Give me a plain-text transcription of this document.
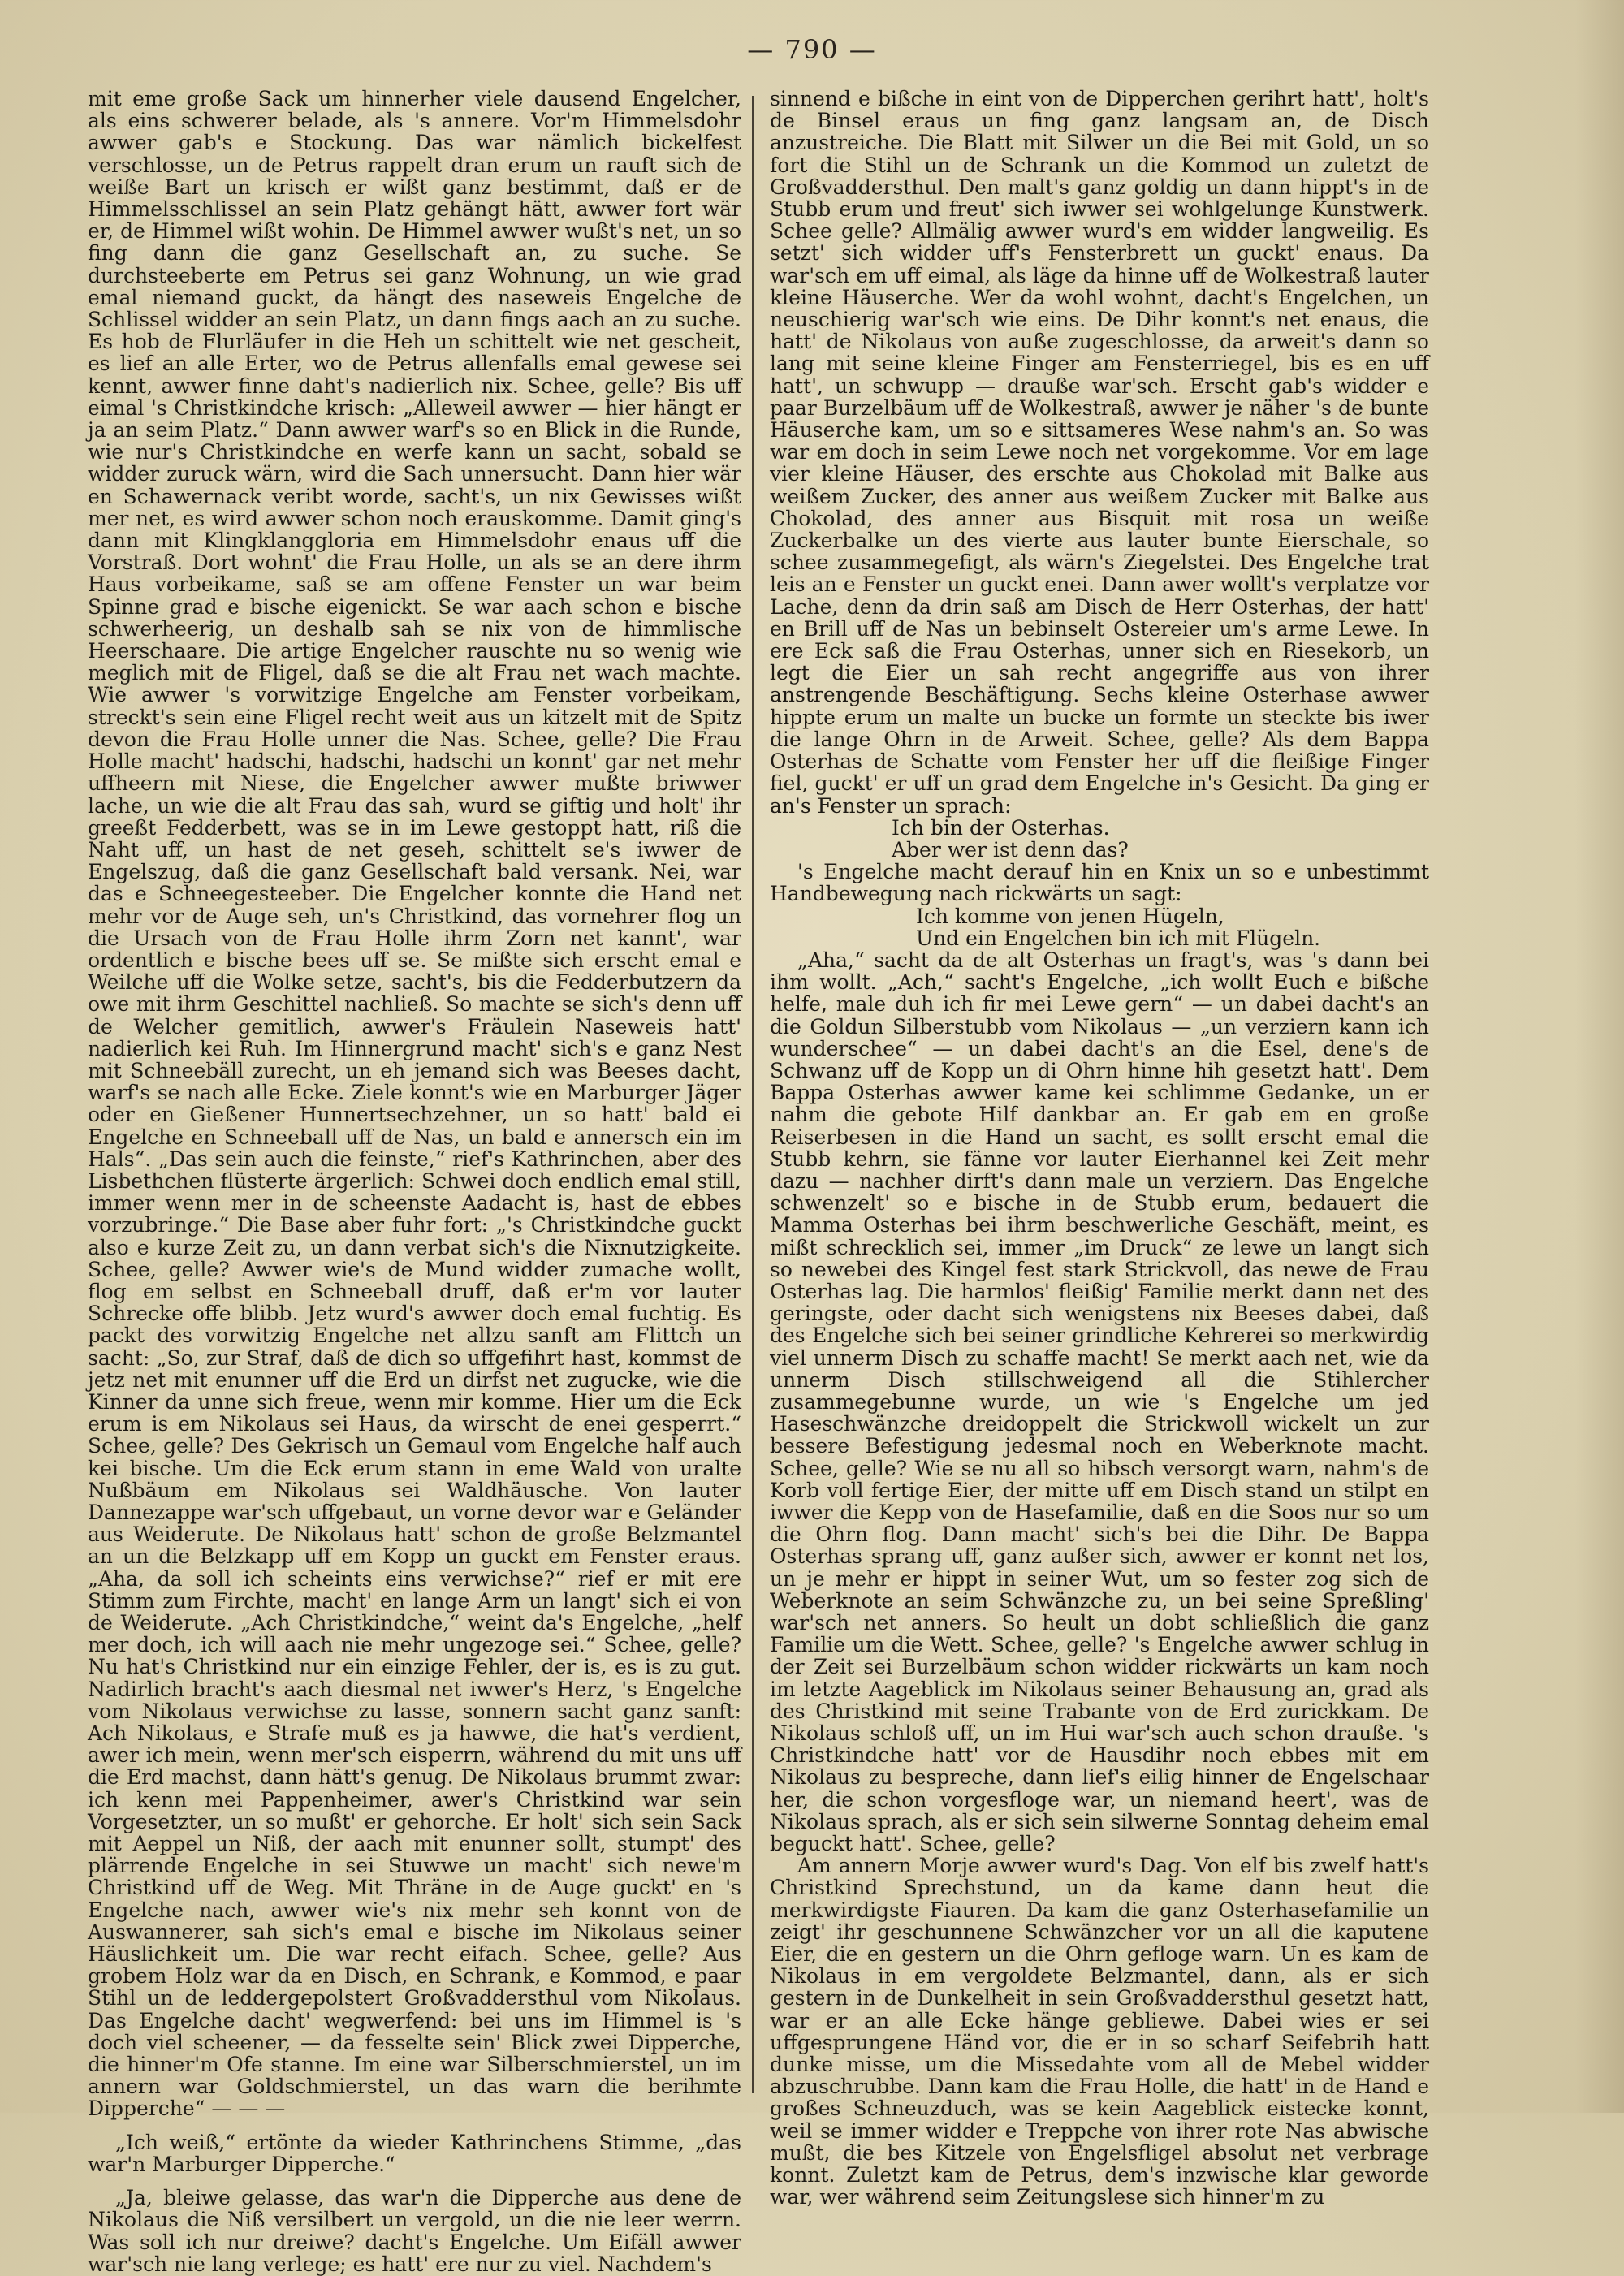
— 790 —

mit eme große Sack um hinnerher viele dausend Engelcher, als eins schwerer belade, als 's annere. Vor'm Himmelsdohr awwer gab's e Stockung. Das war nämlich bickelfest verschlosse, un de Petrus rappelt dran erum un rauft sich de weiße Bart un krisch er wißt ganz bestimmt, daß er de Himmelsschlissel an sein Platz gehängt hätt, awwer fort wär er, de Himmel wißt wohin. De Himmel awwer wußt's net, un so fing dann die ganz Gesellschaft an, zu suche. Se durchsteeberte em Petrus sei ganz Wohnung, un wie grad emal niemand guckt, da hängt des naseweis Engelche de Schlissel widder an sein Platz, un dann fings aach an zu suche. Es hob de Flurläufer in die Heh un schittelt wie net gescheit, es lief an alle Erter, wo de Petrus allenfalls emal gewese sei kennt, awwer finne daht's nadierlich nix. Schee, gelle? Bis uff eimal 's Christkindche krisch: „Alleweil awwer — hier hängt er ja an seim Platz.“ Dann awwer warf's so en Blick in die Runde, wie nur's Christkindche en werfe kann un sacht, sobald se widder zuruck wärn, wird die Sach unnersucht. Dann hier wär en Schawernack veribt worde, sacht's, un nix Gewisses wißt mer net, es wird awwer schon noch erauskomme. Damit ging's dann mit Klingklanggloria em Himmelsdohr enaus uff die Vorstraß. Dort wohnt' die Frau Holle, un als se an dere ihrm Haus vorbeikame, saß se am offene Fenster un war beim Spinne grad e bische eigenickt. Se war aach schon e bische schwerheerig, un deshalb sah se nix von de himmlische Heerschaare. Die artige Engelcher rauschte nu so wenig wie meglich mit de Fligel, daß se die alt Frau net wach machte. Wie awwer 's vorwitzige Engelche am Fenster vorbeikam, streckt's sein eine Fligel recht weit aus un kitzelt mit de Spitz devon die Frau Holle unner die Nas. Schee, gelle? Die Frau Holle macht' hadschi, hadschi, hadschi un konnt' gar net mehr uffheern mit Niese, die Engelcher awwer mußte briwwer lache, un wie die alt Frau das sah, wurd se giftig und holt' ihr greeßt Fedderbett, was se in im Lewe gestoppt hatt, riß die Naht uff, un hast de net geseh, schittelt se's iwwer de Engelszug, daß die ganz Gesellschaft bald versank. Nei, war das e Schneegesteeber. Die Engelcher konnte die Hand net mehr vor de Auge seh, un's Christkind, das vornehrer flog un die Ursach von de Frau Holle ihrm Zorn net kannt', war ordentlich e bische bees uff se. Se mißte sich erscht emal e Weilche uff die Wolke setze, sacht's, bis die Fedderbutzern da owe mit ihrm Geschittel nachließ. So machte se sich's denn uff de Welcher gemitlich, awwer's Fräulein Naseweis hatt' nadierlich kei Ruh. Im Hinnergrund macht' sich's e ganz Nest mit Schneebäll zurecht, un eh jemand sich was Beeses dacht, warf's se nach alle Ecke. Ziele konnt's wie en Marburger Jäger oder en Gießener Hunnertsechzehner, un so hatt' bald ei Engelche en Schneeball uff de Nas, un bald e annersch ein im Hals“. „Das sein auch die feinste,“ rief's Kathrinchen, aber des Lisbethchen flüsterte ärgerlich: Schwei doch endlich emal still, immer wenn mer in de scheenste Aadacht is, hast de ebbes vorzubringe.“ Die Base aber fuhr fort: „'s Christkindche guckt also e kurze Zeit zu, un dann verbat sich's die Nixnutzigkeite. Schee, gelle? Awwer wie's de Mund widder zumache wollt, flog em selbst en Schneeball druff, daß er'm vor lauter Schrecke offe blibb. Jetz wurd's awwer doch emal fuchtig. Es packt des vorwitzig Engelche net allzu sanft am Flittch un sacht: „So, zur Straf, daß de dich so uffgefihrt hast, kommst de jetz net mit enunner uff die Erd un dirfst net zugucke, wie die Kinner da unne sich freue, wenn mir komme. Hier um die Eck erum is em Nikolaus sei Haus, da wirscht de enei gesperrt.“ Schee, gelle? Des Gekrisch un Gemaul vom Engelche half auch kei bische. Um die Eck erum stann in eme Wald von uralte Nußbäum em Nikolaus sei Waldhäusche. Von lauter Dannezappe war'sch uffgebaut, un vorne devor war e Geländer aus Weiderute. De Nikolaus hatt' schon de große Belzmantel an un die Belzkapp uff em Kopp un guckt em Fenster eraus. „Aha, da soll ich scheints eins verwichse?“ rief er mit ere Stimm zum Firchte, macht' en lange Arm un langt' sich ei von de Weiderute. „Ach Christkindche,“ weint da's Engelche, „helf mer doch, ich will aach nie mehr ungezoge sei.“ Schee, gelle? Nu hat's Christkind nur ein einzige Fehler, der is, es is zu gut. Nadirlich bracht's aach diesmal net iwwer's Herz, 's Engelche vom Nikolaus verwichse zu lasse, sonnern sacht ganz sanft: Ach Nikolaus, e Strafe muß es ja hawwe, die hat's verdient, awer ich mein, wenn mer'sch eisperrn, während du mit uns uff die Erd machst, dann hätt's genug. De Nikolaus brummt zwar: ich kenn mei Pappenheimer, awer's Christkind war sein Vorgesetzter, un so mußt' er gehorche. Er holt' sich sein Sack mit Aeppel un Niß, der aach mit enunner sollt, stumpt' des plärrende Engelche in sei Stuwwe un macht' sich newe'm Christkind uff de Weg. Mit Thräne in de Auge guckt' en 's Engelche nach, awwer wie's nix mehr seh konnt von de Auswannerer, sah sich's emal e bische im Nikolaus seiner Häuslichkeit um. Die war recht eifach. Schee, gelle? Aus grobem Holz war da en Disch, en Schrank, e Kommod, e paar Stihl un de leddergepolstert Großvaddersthul vom Nikolaus. Das Engelche dacht' wegwerfend: bei uns im Himmel is 's doch viel scheener, — da fesselte sein' Blick zwei Dipperche, die hinner'm Ofe stanne. Im eine war Silberschmierstel, un im annern war Goldschmierstel, un das warn die berihmte Dipperche“ — — —

„Ich weiß,“ ertönte da wieder Kathrinchens Stimme, „das war'n Marburger Dipperche.“

„Ja, bleiwe gelasse, das war'n die Dipperche aus dene de Nikolaus die Niß versilbert un vergold, un die nie leer werrn. Was soll ich nur dreiwe? dacht's Engelche. Um Eifäll awwer war'sch nie lang verlege; es hatt' ere nur zu viel. Nachdem's

sinnend e bißche in eint von de Dipperchen gerihrt hatt', holt's de Binsel eraus un fing ganz langsam an, de Disch anzustreiche. Die Blatt mit Silwer un die Bei mit Gold, un so fort die Stihl un de Schrank un die Kommod un zuletzt de Großvaddersthul. Den malt's ganz goldig un dann hippt's in de Stubb erum und freut' sich iwwer sei wohlgelunge Kunstwerk. Schee gelle? Allmälig awwer wurd's em widder langweilig. Es setzt' sich widder uff's Fensterbrett un guckt' enaus. Da war'sch em uff eimal, als läge da hinne uff de Wolkestraß lauter kleine Häuserche. Wer da wohl wohnt, dacht's Engelchen, un neuschierig war'sch wie eins. De Dihr konnt's net enaus, die hatt' de Nikolaus von auße zugeschlosse, da arweit's dann so lang mit seine kleine Finger am Fensterriegel, bis es en uff hatt', un schwupp — drauße war'sch. Erscht gab's widder e paar Burzelbäum uff de Wolkestraß, awwer je näher 's de bunte Häuserche kam, um so e sittsameres Wese nahm's an. So was war em doch in seim Lewe noch net vorgekomme. Vor em lage vier kleine Häuser, des erschte aus Chokolad mit Balke aus weißem Zucker, des anner aus weißem Zucker mit Balke aus Chokolad, des anner aus Bisquit mit rosa un weiße Zuckerbalke un des vierte aus lauter bunte Eierschale, so schee zusammegefigt, als wärn's Ziegelstei. Des Engelche trat leis an e Fenster un guckt enei. Dann awer wollt's verplatze vor Lache, denn da drin saß am Disch de Herr Osterhas, der hatt' en Brill uff de Nas un bebinselt Ostereier um's arme Lewe. In ere Eck saß die Frau Osterhas, unner sich en Riesekorb, un legt die Eier un sah recht angegriffe aus von ihrer anstrengende Beschäftigung. Sechs kleine Osterhase awwer hippte erum un malte un bucke un formte un steckte bis iwer die lange Ohrn in de Arweit. Schee, gelle? Als dem Bappa Osterhas de Schatte vom Fenster her uff die fleißige Finger fiel, guckt' er uff un grad dem Engelche in's Gesicht. Da ging er an's Fenster un sprach:

Ich bin der Osterhas.

Aber wer ist denn das?

's Engelche macht derauf hin en Knix un so e unbestimmt Handbewegung nach rickwärts un sagt:

Ich komme von jenen Hügeln,

Und ein Engelchen bin ich mit Flügeln.

„Aha,“ sacht da de alt Osterhas un fragt's, was 's dann bei ihm wollt. „Ach,“ sacht's Engelche, „ich wollt Euch e bißche helfe, male duh ich fir mei Lewe gern“ — un dabei dacht's an die Goldun Silberstubb vom Nikolaus — „un verziern kann ich wunderschee“ — un dabei dacht's an die Esel, dene's de Schwanz uff de Kopp un di Ohrn hinne hih gesetzt hatt'. Dem Bappa Osterhas awwer kame kei schlimme Gedanke, un er nahm die gebote Hilf dankbar an. Er gab em en große Reiserbesen in die Hand un sacht, es sollt erscht emal die Stubb kehrn, sie fänne vor lauter Eierhannel kei Zeit mehr dazu — nachher dirft's dann male un verziern. Das Engelche schwenzelt' so e bische in de Stubb erum, bedauert die Mamma Osterhas bei ihrm beschwerliche Geschäft, meint, es mißt schrecklich sei, immer „im Druck“ ze lewe un langt sich so newebei des Kingel fest stark Strickvoll, das newe de Frau Osterhas lag. Die harmlos' fleißig' Familie merkt dann net des geringste, oder dacht sich wenigstens nix Beeses dabei, daß des Engelche sich bei seiner grindliche Kehrerei so merkwirdig viel unnerm Disch zu schaffe macht! Se merkt aach net, wie da unnerm Disch stillschweigend all die Stihlercher zusammegebunne wurde, un wie 's Engelche um jed Haseschwänzche dreidoppelt die Strickwoll wickelt un zur bessere Befestigung jedesmal noch en Weberknote macht. Schee, gelle? Wie se nu all so hibsch versorgt warn, nahm's de Korb voll fertige Eier, der mitte uff em Disch stand un stilpt en iwwer die Kepp von de Hasefamilie, daß en die Soos nur so um die Ohrn flog. Dann macht' sich's bei die Dihr. De Bappa Osterhas sprang uff, ganz außer sich, awwer er konnt net los, un je mehr er hippt in seiner Wut, um so fester zog sich de Weberknote an seim Schwänzche zu, un bei seine Spreßling' war'sch net anners. So heult un dobt schließlich die ganz Familie um die Wett. Schee, gelle? 's Engelche awwer schlug in der Zeit sei Burzelbäum schon widder rickwärts un kam noch im letzte Aageblick im Nikolaus seiner Behausung an, grad als des Christkind mit seine Trabante von de Erd zurickkam. De Nikolaus schloß uff, un im Hui war'sch auch schon drauße. 's Christkindche hatt' vor de Hausdihr noch ebbes mit em Nikolaus zu bespreche, dann lief's eilig hinner de Engelschaar her, die schon vorgesfloge war, un niemand heert', was de Nikolaus sprach, als er sich sein silwerne Sonntag deheim emal beguckt hatt'. Schee, gelle?

Am annern Morje awwer wurd's Dag. Von elf bis zwelf hatt's Christkind Sprechstund, un da kame dann heut die merkwirdigste Fiauren. Da kam die ganz Osterhasefamilie un zeigt' ihr geschunnene Schwänzcher vor un all die kaputene Eier, die en gestern un die Ohrn gefloge warn. Un es kam de Nikolaus in em vergoldete Belzmantel, dann, als er sich gestern in de Dunkelheit in sein Großvaddersthul gesetzt hatt, war er an alle Ecke hänge gebliewe. Dabei wies er sei uffgesprungene Händ vor, die er in so scharf Seifebrih hatt dunke misse, um die Missedahte vom all de Mebel widder abzuschrubbe. Dann kam die Frau Holle, die hatt' in de Hand e großes Schneuzduch, was se kein Aageblick eistecke konnt, weil se immer widder e Treppche von ihrer rote Nas abwische mußt, die bes Kitzele von Engelsfligel absolut net verbrage konnt. Zuletzt kam de Petrus, dem's inzwische klar geworde war, wer während seim Zeitungslese sich hinner'm zu
